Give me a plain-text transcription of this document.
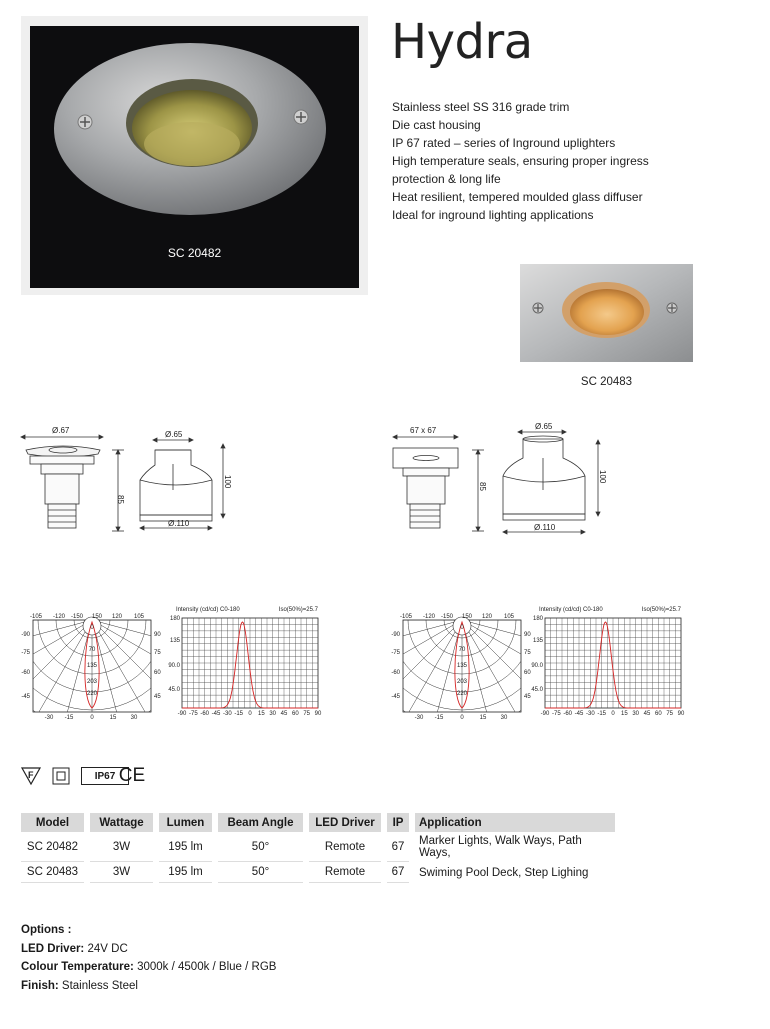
SC 20482
Hydra
Stainless steel SS 316 grade trim
Die cast housing
IP 67 rated – series of Inground uplighters
High temperature seals, ensuring proper ingress
protection & long life
Heat resilient, tempered moulded glass diffuser
Ideal for inground lighting applications
SC 20483
Ø.67
85
Ø.65
100
Ø.110
67 x 67
85
Ø.65
100
Ø.110
-105 -120 -150 150 120 105
-90
-75
-60
-45
90
75
60
45
-30 -15	0	15 30
0
70
135
203
220
Intensity (cd/cd) C0-180	Iso(50%)=25.7
180
135
90.0
45.0
-90 -75 -60 -45 -30 -15 0 15 30 45 60 75 90
-105 -120 -150 150 120 105
-90
-75
-60
-45
90
75
60
45
-30 -15	0	15 30
0
70
135
203
220
Intensity (cd/cd) C0-180	Iso(50%)=25.7
180
135
90.0
45.0
-90 -75 -60 -45 -30 -15 0 15 30 45 60 75 90
F	IP67 CE
Model	Wattage	Lumen	Beam Angle	LED Driver	IP	Application
SC 20482	3W	195 lm	50°	Remote	67	Marker Lights, Walk Ways, Path Ways,
SC 20483	3W	195 lm	50°	Remote	67	Swiming Pool Deck, Step Lighing
Options :
LED Driver: 24V DC
Colour Temperature: 3000k / 4500k / Blue / RGB
Finish: Stainless Steel
